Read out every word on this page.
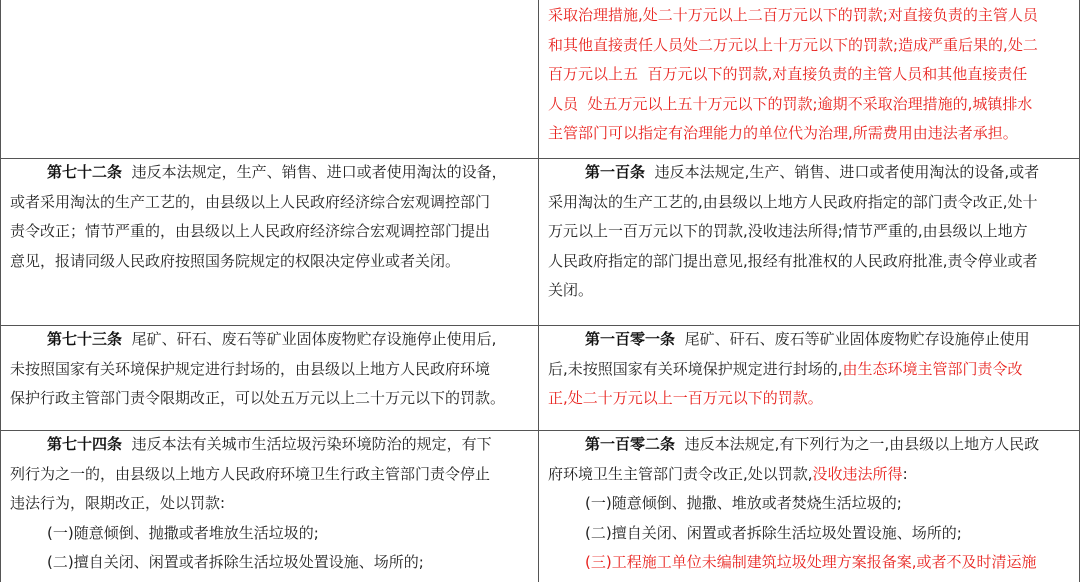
采取治理措施,处二十万元以上二百万元以下的罚款;对直接负责的主管人员
和其他直接责任人员处二万元以上十万元以下的罚款;造成严重后果的,处二
百万元以上五  百万元以下的罚款,对直接负责的主管人员和其他直接责任
人员  处五万元以上五十万元以下的罚款;逾期不采取治理措施的,城镇排水
主管部门可以指定有治理能力的单位代为治理,所需费用由违法者承担。
第七十二条 违反本法规定，生产、销售、进口或者使用淘汰的设备，
或者采用淘汰的生产工艺的，由县级以上人民政府经济综合宏观调控部门
责令改正；情节严重的，由县级以上人民政府经济综合宏观调控部门提出
意见，报请同级人民政府按照国务院规定的权限决定停业或者关闭。
第一百条 违反本法规定,生产、销售、进口或者使用淘汰的设备,或者
采用淘汰的生产工艺的,由县级以上地方人民政府指定的部门责令改正,处十
万元以上一百万元以下的罚款,没收违法所得;情节严重的,由县级以上地方
人民政府指定的部门提出意见,报经有批准权的人民政府批准,责令停业或者
关闭。
第七十三条 尾矿、矸石、废石等矿业固体废物贮存设施停止使用后,
未按照国家有关环境保护规定进行封场的，由县级以上地方人民政府环境
保护行政主管部门责令限期改正，可以处五万元以上二十万元以下的罚款。
第一百零一条 尾矿、矸石、废石等矿业固体废物贮存设施停止使用
后,未按照国家有关环境保护规定进行封场的,由生态环境主管部门责令改
正,处二十万元以上一百万元以下的罚款。
第七十四条 违反本法有关城市生活垃圾污染环境防治的规定，有下
列行为之一的，由县级以上地方人民政府环境卫生行政主管部门责令停止
违法行为，限期改正，处以罚款:
(一)随意倾倒、抛撒或者堆放生活垃圾的;
(二)擅自关闭、闲置或者拆除生活垃圾处置设施、场所的;
第一百零二条 违反本法规定,有下列行为之一,由县级以上地方人民政
府环境卫生主管部门责令改正,处以罚款,没收违法所得:
(一)随意倾倒、抛撒、堆放或者焚烧生活垃圾的;
(二)擅自关闭、闲置或者拆除生活垃圾处置设施、场所的;
(三)工程施工单位未编制建筑垃圾处理方案报备案,或者不及时清运施
